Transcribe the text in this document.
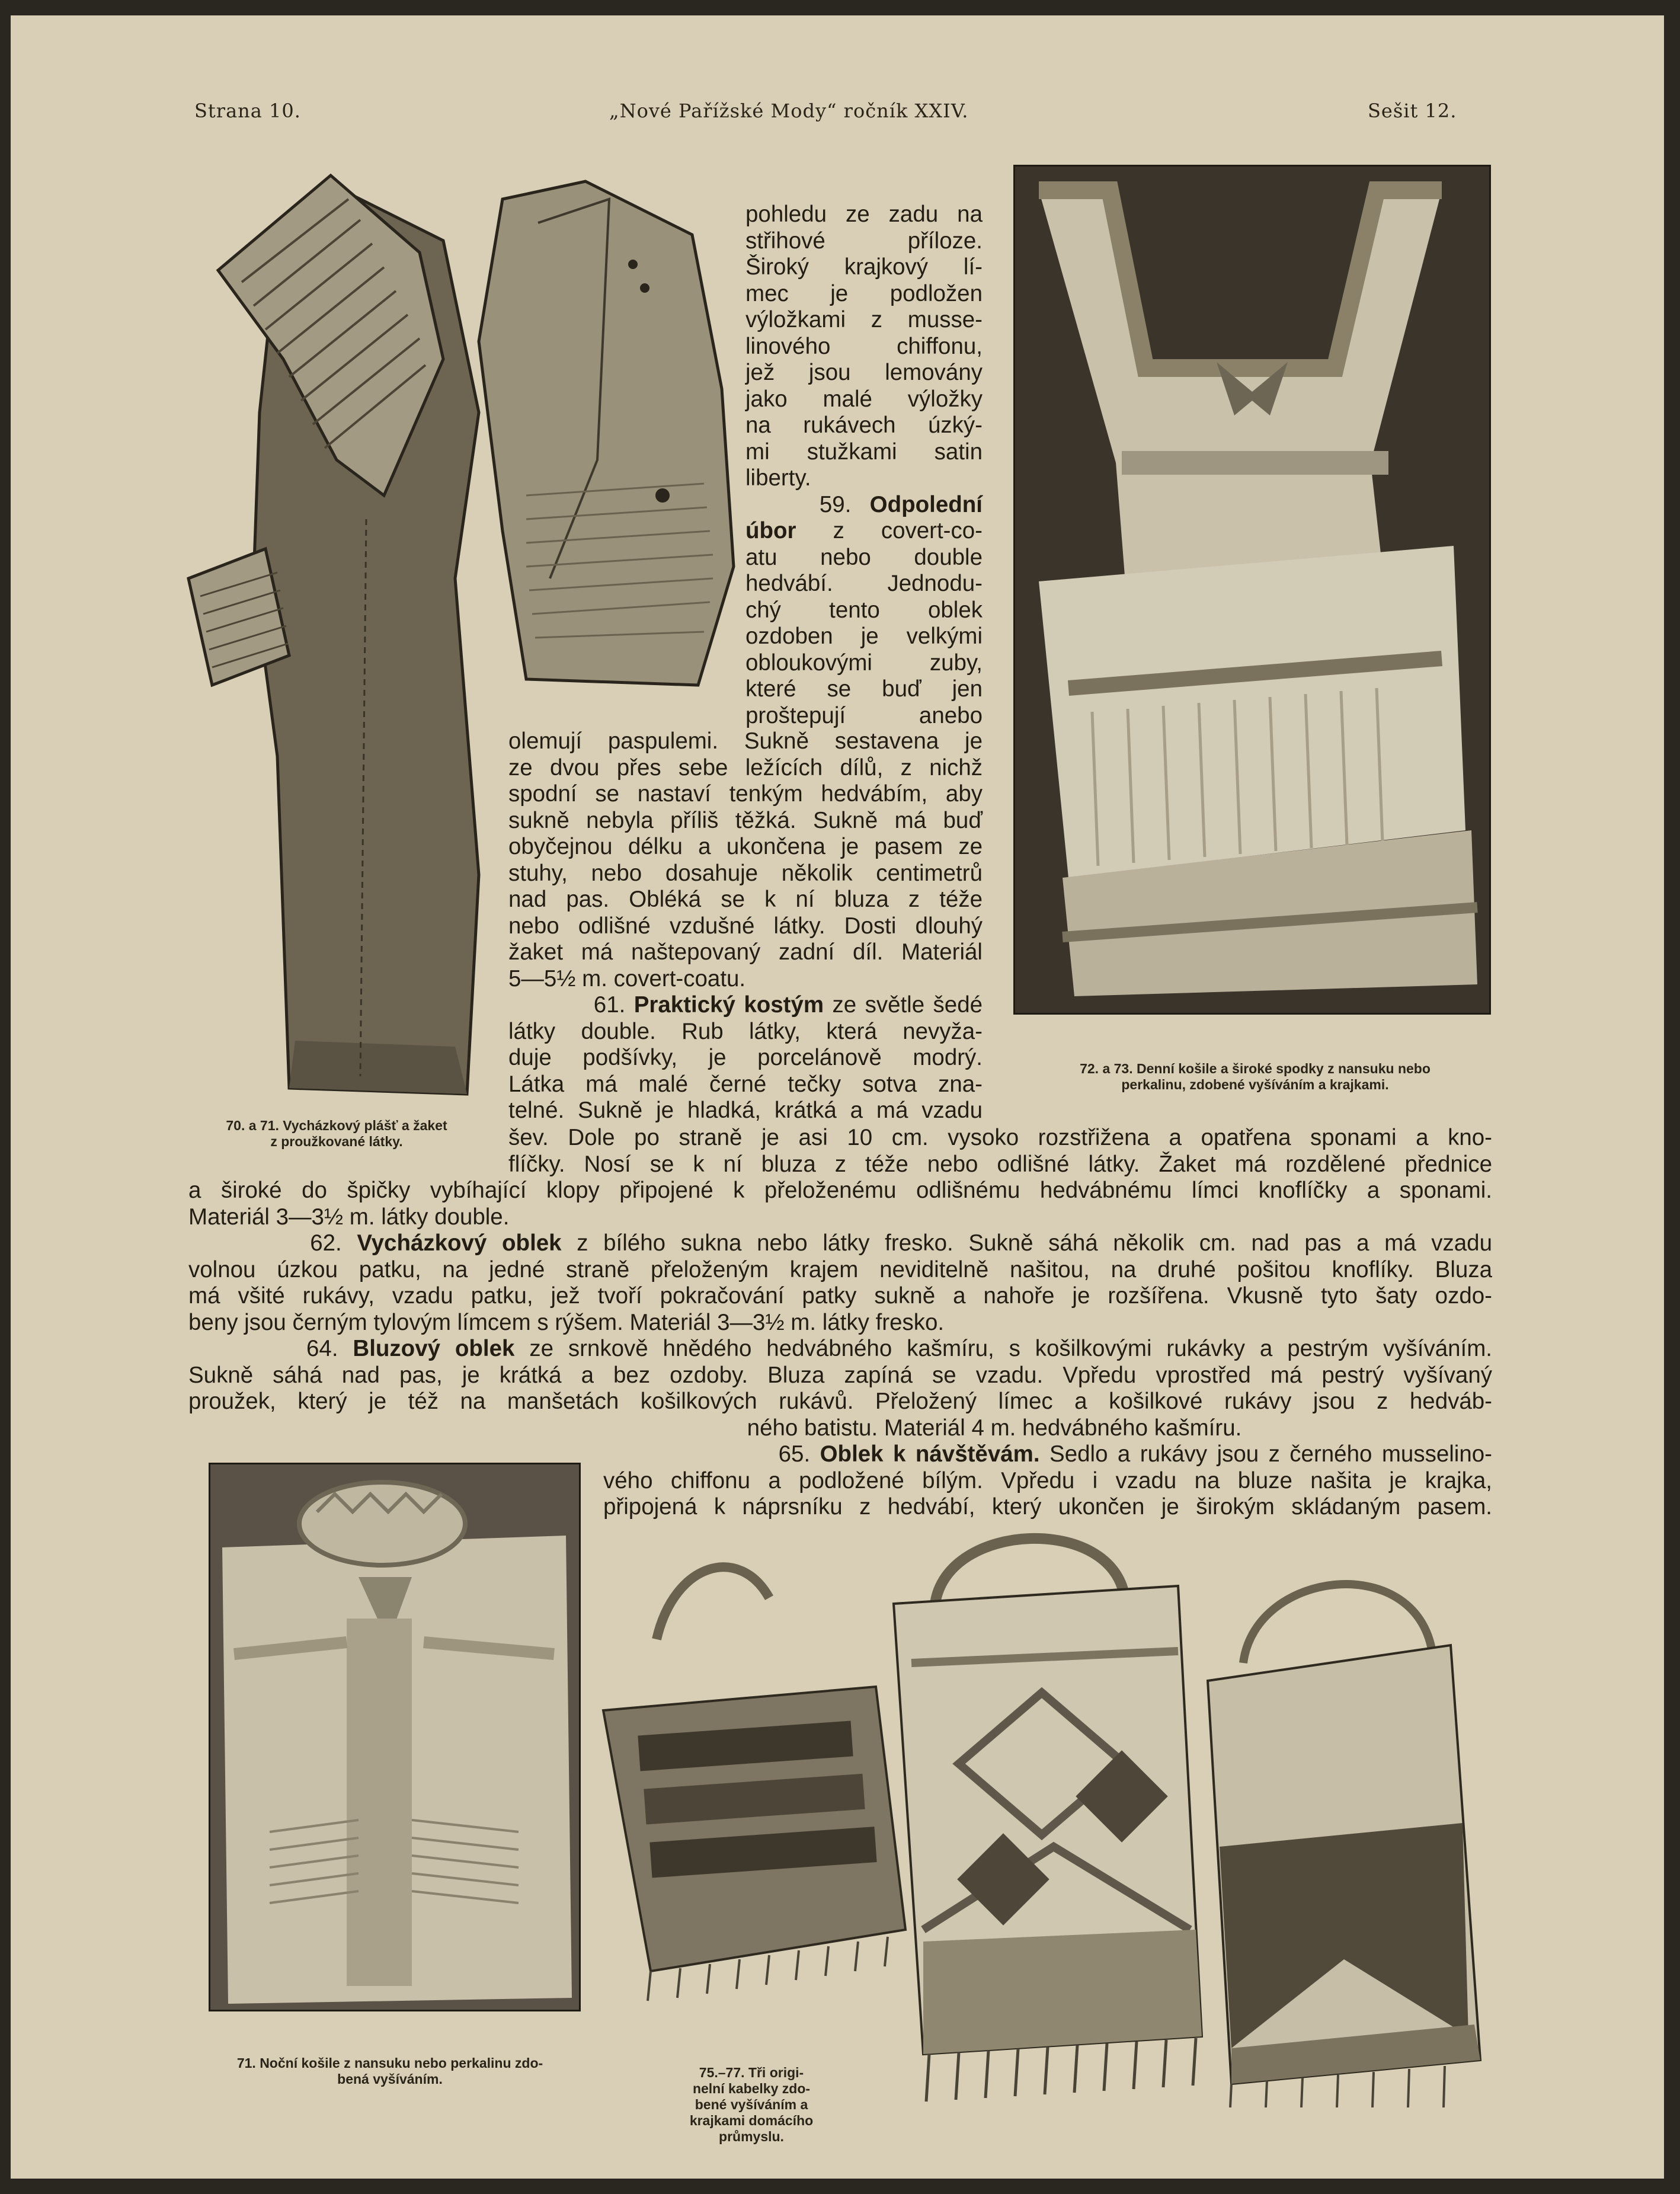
Strana 10.	„Nové Pařížské Mody“ ročník XXIV.	Sešit 12.
70. a 71. Vycházkový plášť a žaket
z proužkované látky.
72. a 73. Denní košile a široké spodky z nansuku nebo
perkalinu, zdobené vyšíváním a krajkami.
pohledu ze zadu na
střihové příloze.
Široký krajkový lí-
mec je podložen
výložkami z musse-
linového chiffonu,
jež jsou lemovány
jako malé výložky
na rukávech úzký-
mi stužkami satin
liberty.
59. Odpolední
úbor z covert-co-
atu nebo double
hedvábí. Jednodu-
chý tento oblek
ozdoben je velkými
obloukovými zuby,
které se buď jen
proštepují anebo
olemují paspulemi. Sukně sestavena je
ze dvou přes sebe ležících dílů, z nichž
spodní se nastaví tenkým hedvábím, aby
sukně nebyla příliš těžká. Sukně má buď
obyčejnou délku a ukončena je pasem ze
stuhy, nebo dosahuje několik centimetrů
nad pas. Obléká se k ní bluza z téže
nebo odlišné vzdušné látky. Dosti dlouhý
žaket má naštepovaný zadní díl. Materiál
5—5½ m. covert-coatu.
61. Praktický kostým ze světle šedé
látky double. Rub látky, která nevyža-
duje podšívky, je porcelánově modrý.
Látka má malé černé tečky sotva zna-
telné. Sukně je hladká, krátká a má vzadu
šev. Dole po straně je asi 10 cm. vysoko rozstřižena a opatřena sponami a kno-
flíčky. Nosí se k ní bluza z téže nebo odlišné látky. Žaket má rozdělené přednice
a široké do špičky vybíhající klopy připojené k přeloženému odlišnému hedvábnému límci knoflíčky a sponami.
Materiál 3—3½ m. látky double.
62. Vycházkový oblek z bílého sukna nebo látky fresko. Sukně sáhá několik cm. nad pas a má vzadu
volnou úzkou patku, na jedné straně přeloženým krajem neviditelně našitou, na druhé pošitou knoflíky. Bluza
má všité rukávy, vzadu patku, jež tvoří pokračování patky sukně a nahoře je rozšířena. Vkusně tyto šaty ozdo-
beny jsou černým tylovým límcem s rýšem. Materiál 3—3½ m. látky fresko.
64. Bluzový oblek ze srnkově hnědého hedvábného kašmíru, s košilkovými rukávky a pestrým vyšíváním.
Sukně sáhá nad pas, je krátká a bez ozdoby. Bluza zapíná se vzadu. Vpředu vprostřed má pestrý vyšívaný
proužek, který je též na manšetách košilkových rukávů. Přeložený límec a košilkové rukávy jsou z hedváb-
ného batistu. Materiál 4 m. hedvábného kašmíru.
65. Oblek k návštěvám. Sedlo a rukávy jsou z černého musselino-
vého chiffonu a podložené bílým. Vpředu i vzadu na bluze našita je krajka,
připojená k náprsníku z hedvábí, který ukončen je širokým skládaným pasem.
71. Noční košile z nansuku nebo perkalinu zdo-
bená vyšíváním.	75.–77. Tři origi-
nelní kabelky zdo-
bené vyšíváním a
krajkami domácího
průmyslu.
